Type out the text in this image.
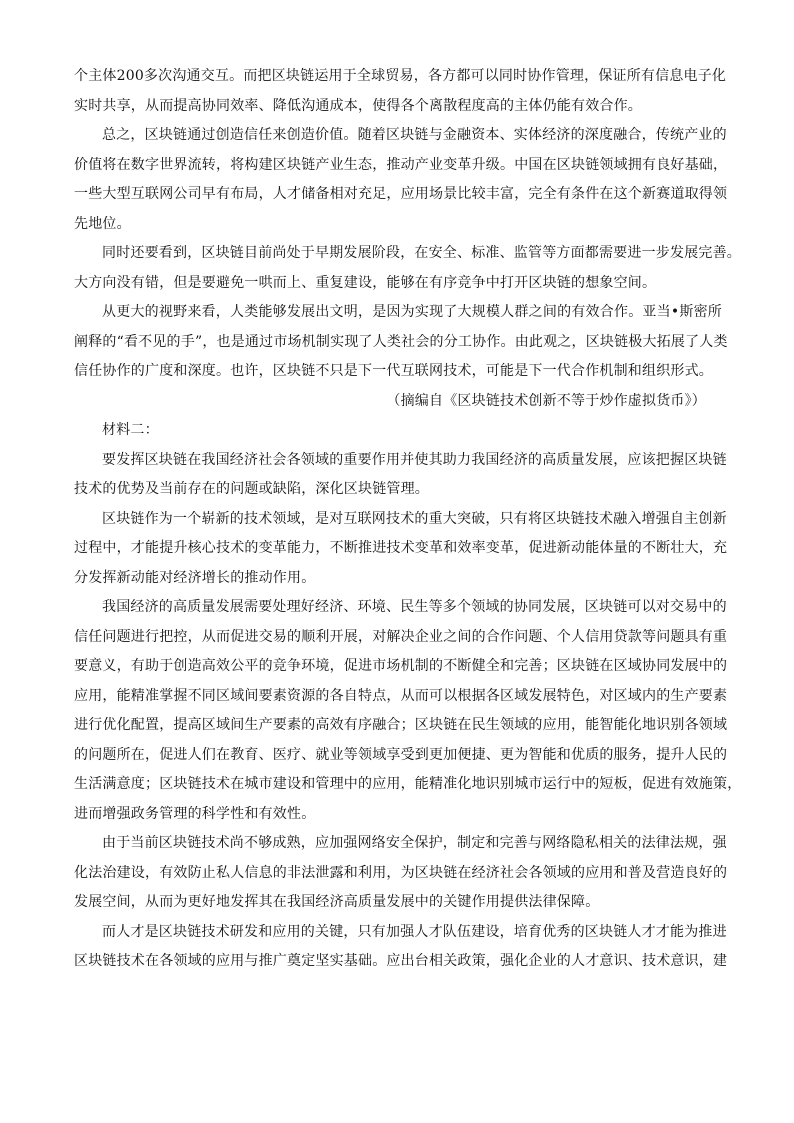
个主体200多次沟通交互。而把区块链运用于全球贸易，各方都可以同时协作管理，保证所有信息电子化
实时共享，从而提高协同效率、降低沟通成本，使得各个离散程度高的主体仍能有效合作。
总之，区块链通过创造信任来创造价值。随着区块链与金融资本、实体经济的深度融合，传统产业的
价值将在数字世界流转，将构建区块链产业生态，推动产业变革升级。中国在区块链领域拥有良好基础，
一些大型互联网公司早有布局，人才储备相对充足，应用场景比较丰富，完全有条件在这个新赛道取得领
先地位。
同时还要看到，区块链目前尚处于早期发展阶段，在安全、标准、监管等方面都需要进一步发展完善。
大方向没有错，但是要避免一哄而上、重复建设，能够在有序竞争中打开区块链的想象空间。
从更大的视野来看，人类能够发展出文明，是因为实现了大规模人群之间的有效合作。亚当•斯密所
阐释的“看不见的手”，也是通过市场机制实现了人类社会的分工协作。由此观之，区块链极大拓展了人类
信任协作的广度和深度。也许，区块链不只是下一代互联网技术，可能是下一代合作机制和组织形式。
（摘编自《区块链技术创新不等于炒作虚拟货币》）
材料二：
要发挥区块链在我国经济社会各领域的重要作用并使其助力我国经济的高质量发展，应该把握区块链
技术的优势及当前存在的问题或缺陷，深化区块链管理。
区块链作为一个崭新的技术领域，是对互联网技术的重大突破，只有将区块链技术融入增强自主创新
过程中，才能提升核心技术的变革能力，不断推进技术变革和效率变革，促进新动能体量的不断壮大，充
分发挥新动能对经济增长的推动作用。
我国经济的高质量发展需要处理好经济、环境、民生等多个领域的协同发展，区块链可以对交易中的
信任问题进行把控，从而促进交易的顺利开展，对解决企业之间的合作问题、个人信用贷款等问题具有重
要意义，有助于创造高效公平的竞争环境，促进市场机制的不断健全和完善；区块链在区域协同发展中的
应用，能精准掌握不同区域间要素资源的各自特点，从而可以根据各区域发展特色，对区域内的生产要素
进行优化配置，提高区域间生产要素的高效有序融合；区块链在民生领域的应用，能智能化地识别各领域
的问题所在，促进人们在教育、医疗、就业等领域享受到更加便捷、更为智能和优质的服务，提升人民的
生活满意度；区块链技术在城市建设和管理中的应用，能精准化地识别城市运行中的短板，促进有效施策，
进而增强政务管理的科学性和有效性。
由于当前区块链技术尚不够成熟，应加强网络安全保护，制定和完善与网络隐私相关的法律法规，强
化法治建设，有效防止私人信息的非法泄露和利用，为区块链在经济社会各领域的应用和普及营造良好的
发展空间，从而为更好地发挥其在我国经济高质量发展中的关键作用提供法律保障。
而人才是区块链技术研发和应用的关键，只有加强人才队伍建设，培育优秀的区块链人才才能为推进
区块链技术在各领域的应用与推广奠定坚实基础。应出台相关政策，强化企业的人才意识、技术意识，建
